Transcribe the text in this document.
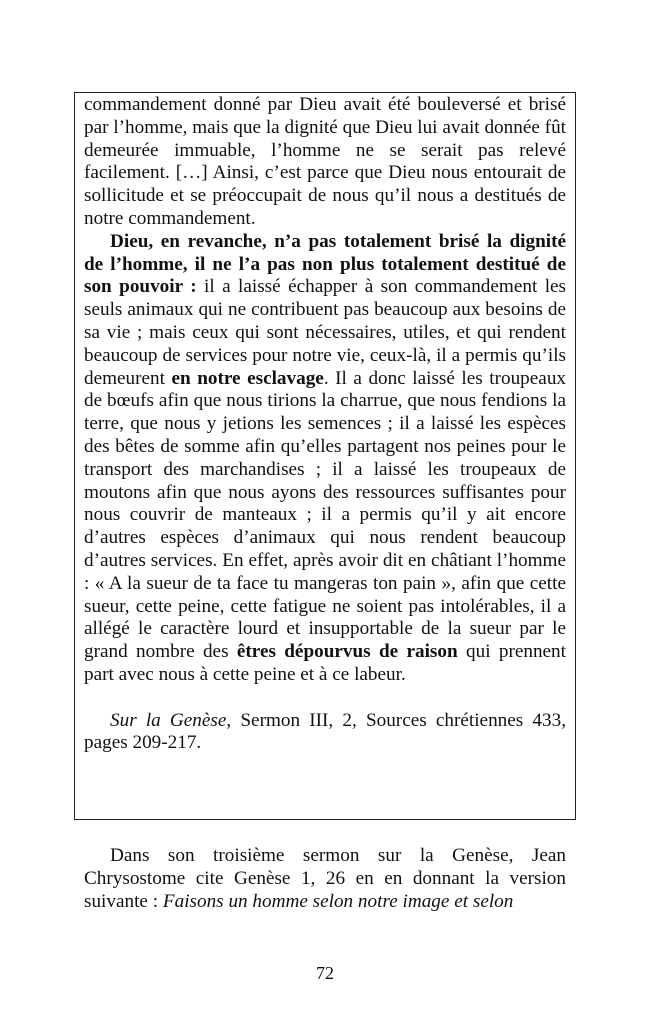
commandement donné par Dieu avait été bouleversé et brisé par l’homme, mais que la dignité que Dieu lui avait donnée fût demeurée immuable, l’homme ne se serait pas relevé facilement. […] Ainsi, c’est parce que Dieu nous entourait de sollicitude et se préoccupait de nous qu’il nous a destitués de notre commandement.

Dieu, en revanche, n’a pas totalement brisé la dignité de l’homme, il ne l’a pas non plus totalement destitué de son pouvoir : il a laissé échapper à son commandement les seuls animaux qui ne contribuent pas beaucoup aux besoins de sa vie ; mais ceux qui sont nécessaires, utiles, et qui rendent beaucoup de services pour notre vie, ceux-là, il a permis qu’ils demeurent en notre esclavage. Il a donc laissé les troupeaux de bœufs afin que nous tirions la charrue, que nous fendions la terre, que nous y jetions les semences ; il a laissé les espèces des bêtes de somme afin qu’elles partagent nos peines pour le transport des marchandises ; il a laissé les troupeaux de moutons afin que nous ayons des ressources suffisantes pour nous couvrir de manteaux ; il a permis qu’il y ait encore d’autres espèces d’animaux qui nous rendent beaucoup d’autres services. En effet, après avoir dit en châtiant l’homme : « A la sueur de ta face tu mangeras ton pain », afin que cette sueur, cette peine, cette fatigue ne soient pas intolérables, il a allégé le caractère lourd et insupportable de la sueur par le grand nombre des êtres dépourvus de raison qui prennent part avec nous à cette peine et à ce labeur.

Sur la Genèse, Sermon III, 2, Sources chrétiennes 433, pages 209-217.

Dans son troisième sermon sur la Genèse, Jean Chrysostome cite Genèse 1, 26 en en donnant la version suivante : Faisons un homme selon notre image et selon

72
